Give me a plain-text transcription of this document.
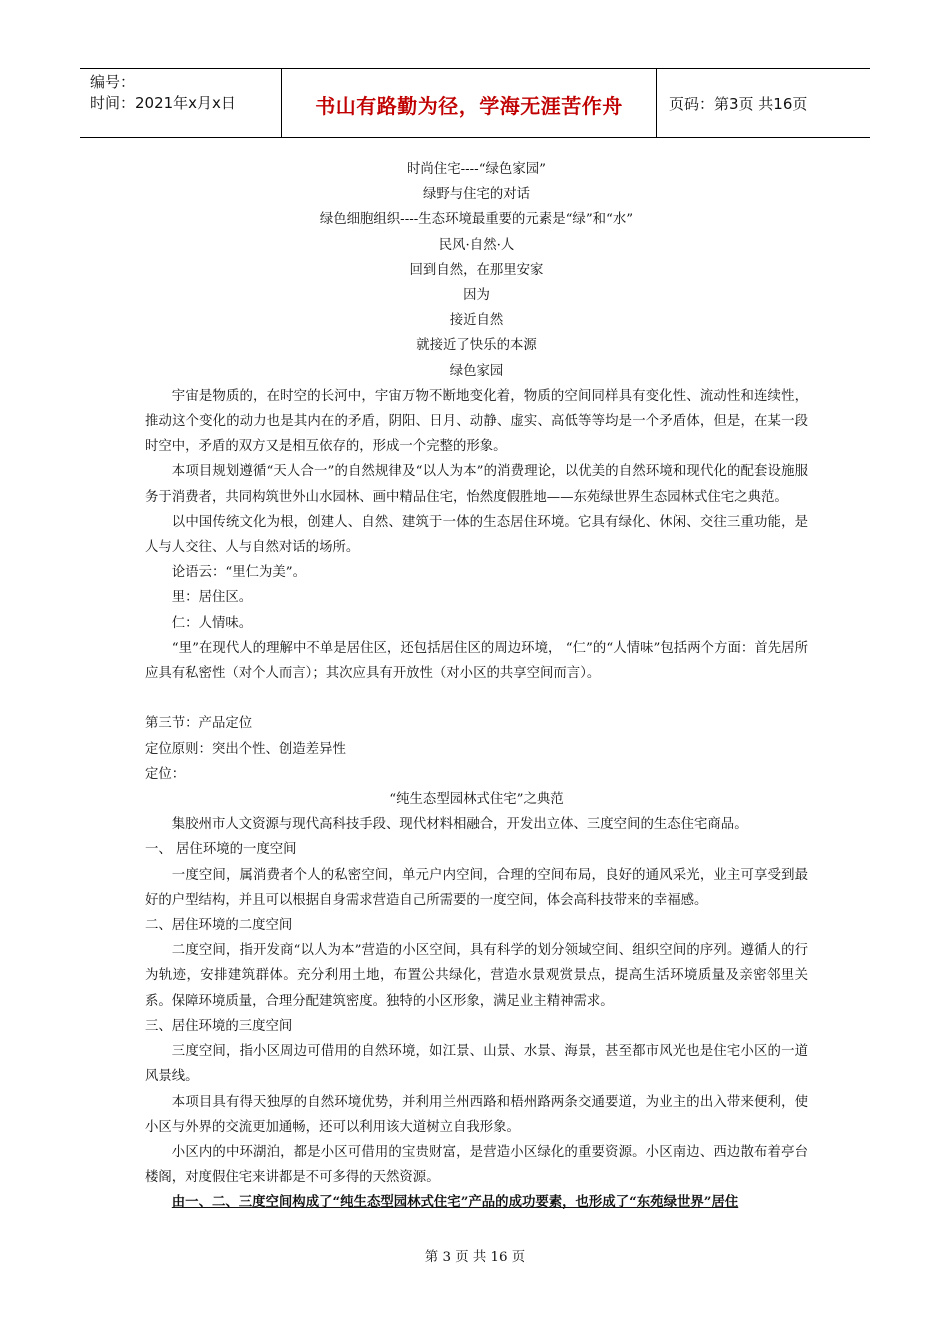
编号：
时间：2021年x月x日	书山有路勤为径，学海无涯苦作舟	页码：第3页 共16页

时尚住宅----“绿色家园”

绿野与住宅的对话

绿色细胞组织----生态环境最重要的元素是“绿”和“水”

民风·自然·人

回到自然，在那里安家

因为

接近自然

就接近了快乐的本源

绿色家园

宇宙是物质的，在时空的长河中，宇宙万物不断地变化着，物质的空间同样具有变化性、流动性和连续性，推动这个变化的动力也是其内在的矛盾，阴阳、日月、动静、虚实、高低等等均是一个矛盾体，但是，在某一段时空中，矛盾的双方又是相互依存的，形成一个完整的形象。

本项目规划遵循“天人合一”的自然规律及“以人为本”的消费理论，以优美的自然环境和现代化的配套设施服务于消费者，共同构筑世外山水园林、画中精品住宅，怡然度假胜地——东苑绿世界生态园林式住宅之典范。

以中国传统文化为根，创建人、自然、建筑于一体的生态居住环境。它具有绿化、休闲、交往三重功能，是人与人交往、人与自然对话的场所。

论语云：“里仁为美”。

里：居住区。

仁：人情味。

“里”在现代人的理解中不单是居住区，还包括居住区的周边环境， “仁”的“人情味”包括两个方面：首先居所应具有私密性（对个人而言）；其次应具有开放性（对小区的共享空间而言）。

第三节：产品定位

定位原则：突出个性、创造差异性

定位：

“纯生态型园林式住宅”之典范

集胶州市人文资源与现代高科技手段、现代材料相融合，开发出立体、三度空间的生态住宅商品。

一、 居住环境的一度空间

一度空间，属消费者个人的私密空间，单元户内空间，合理的空间布局，良好的通风采光，业主可享受到最好的户型结构，并且可以根据自身需求营造自己所需要的一度空间，体会高科技带来的幸福感。

二、居住环境的二度空间

二度空间，指开发商“以人为本”营造的小区空间，具有科学的划分领域空间、组织空间的序列。遵循人的行为轨迹，安排建筑群体。充分利用土地，布置公共绿化，营造水景观赏景点，提高生活环境质量及亲密邻里关系。保障环境质量，合理分配建筑密度。独特的小区形象，满足业主精神需求。

三、居住环境的三度空间

三度空间，指小区周边可借用的自然环境，如江景、山景、水景、海景，甚至都市风光也是住宅小区的一道风景线。

本项目具有得天独厚的自然环境优势，并利用兰州西路和梧州路两条交通要道，为业主的出入带来便利，使小区与外界的交流更加通畅，还可以利用该大道树立自我形象。

小区内的中环湖泊，都是小区可借用的宝贵财富，是营造小区绿化的重要资源。小区南边、西边散布着亭台楼阁，对度假住宅来讲都是不可多得的天然资源。

由一、二、三度空间构成了“纯生态型园林式住宅”产品的成功要素，也形成了“东苑绿世界”居住

第 3 页 共 16 页
